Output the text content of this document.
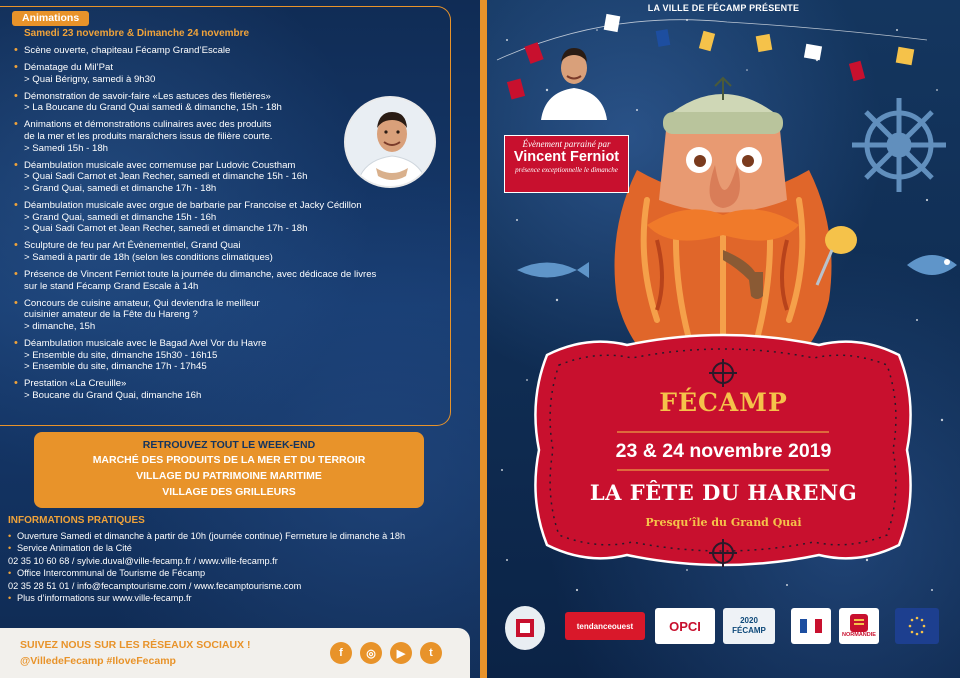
Animations
Samedi 23 novembre & Dimanche 24 novembre
• Scène ouverte, chapiteau Fécamp Grand’Escale
• Dématage du Mil’Pat
> Quai Bérigny, samedi à 9h30
• Démonstration de savoir-faire «Les astuces des filetières»
> La Boucane du Grand Quai samedi & dimanche, 15h - 18h
• Animations et démonstrations culinaires avec des produits
de la mer et les produits maraîchers issus de filière courte.
> Samedi 15h - 18h
• Déambulation musicale avec cornemuse par Ludovic Coustham
> Quai Sadi Carnot et Jean Recher, samedi et dimanche 15h - 16h
> Grand Quai, samedi et dimanche 17h - 18h
• Déambulation musicale avec orgue de barbarie par Francoise et Jacky Cédillon
> Grand Quai, samedi et dimanche 15h - 16h
> Quai Sadi Carnot et Jean Recher, samedi et dimanche 17h - 18h
• Sculpture de feu par Art Évènementiel, Grand Quai
> Samedi à partir de 18h (selon les conditions climatiques)
• Présence de Vincent Ferniot toute la journée du dimanche, avec dédicace de livres
sur le stand Fécamp Grand Escale à 14h
• Concours de cuisine amateur, Qui deviendra le meilleur
cuisinier amateur de la Fête du Hareng ?
> dimanche, 15h
• Déambulation musicale avec le Bagad Avel Vor du Havre
> Ensemble du site, dimanche 15h30 - 16h15
> Ensemble du site, dimanche 17h - 17h45
• Prestation «La Creuille»
> Boucane du Grand Quai, dimanche 16h
RETROUVEZ TOUT LE WEEK-END
MARCHÉ DES PRODUITS DE LA MER ET DU TERROIR
VILLAGE DU PATRIMOINE MARITIME
VILLAGE DES GRILLEURS
INFORMATIONS PRATIQUES
• Ouverture Samedi et dimanche à partir de 10h (journée continue) Fermeture le dimanche à 18h
• Service Animation de la Cité
02 35 10 60 68 / sylvie.duval@ville-fecamp.fr / www.ville-fecamp.fr
• Office Intercommunal de Tourisme de Fécamp
02 35 28 51 01 / info@fecamptourisme.com / www.fecamptourisme.com
• Plus d’informations sur www.ville-fecamp.fr
SUIVEZ NOUS SUR LES RÉSEAUX SOCIAUX !
@VilledeFecamp #IloveFecamp
f	◎	▶	t
LA VILLE DE FÉCAMP PRÉSENTE
Évènement parrainé par
Vincent Ferniot
présence exceptionnelle le dimanche
FÉCAMP
23 & 24 novembre 2019
LA FÊTE DU HARENG
Presqu’île du Grand Quai
tendanceouest	OPCI	2020 FÉCAMP	NORMANDIE
